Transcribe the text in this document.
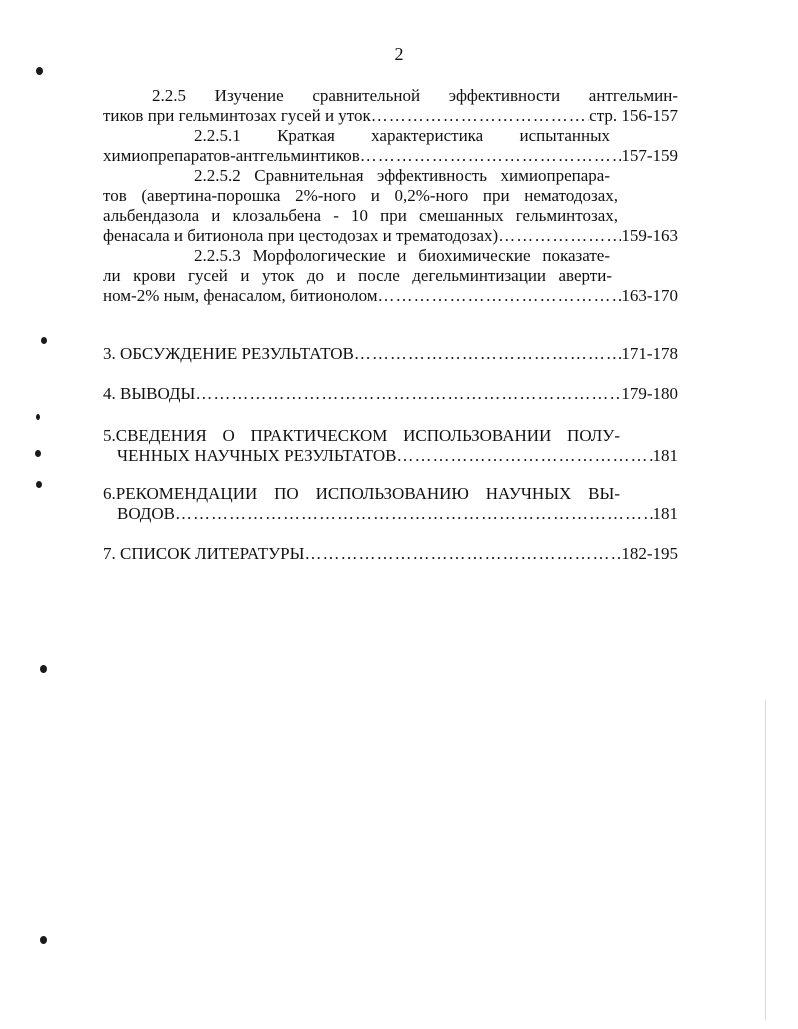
2
2.2.5 Изучение сравнительной эффективности антгельмин-
тиков при гельминтозах гусей и уток …………………………………………………………………………………………………………………………………………………………………………………………	стр. 156-157
2.2.5.1 Краткая характеристика испытанных
химиопрепаратов-антгельминтиков …………………………………………………………………………………………………………………………………………………………………………………………	157-159
2.2.5.2 Сравнительная эффективность химиопрепара-
тов (авертина-порошка 2%-ного и 0,2%-ного при нематодозах,
альбендазола и клозальбена - 10 при смешанных гельминтозах,
фенасала и битионола при цестодозах и трематодозах) …………………………………………………………………………………………………………………………………………………………………………………………	159-163
2.2.5.3 Морфологические и биохимические показате-
ли крови гусей и уток до и после дегельминтизации аверти-
ном-2% ным, фенасалом, битионолом …………………………………………………………………………………………………………………………………………………………………………………………	163-170
3. ОБСУЖДЕНИЕ РЕЗУЛЬТАТОВ …………………………………………………………………………………………………………………………………………………………………………………………	171-178
4. ВЫВОДЫ …………………………………………………………………………………………………………………………………………………………………………………………	179-180
5.СВЕДЕНИЯ О ПРАКТИЧЕСКОМ ИСПОЛЬЗОВАНИИ ПОЛУ-
ЧЕННЫХ НАУЧНЫХ РЕЗУЛЬТАТОВ …………………………………………………………………………………………………………………………………………………………………………………………	181
6.РЕКОМЕНДАЦИИ ПО ИСПОЛЬЗОВАНИЮ НАУЧНЫХ ВЫ-
ВОДОВ …………………………………………………………………………………………………………………………………………………………………………………………	181
7. СПИСОК ЛИТЕРАТУРЫ …………………………………………………………………………………………………………………………………………………………………………………………	182-195
